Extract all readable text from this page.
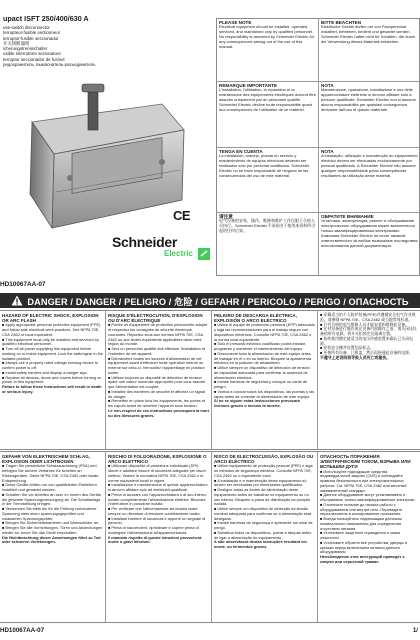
upact ISFT 250/400/630 A
use-switch disconnector
terrupteur-fusible sectionneur
terruptor-fusible seccionador
开关熔断器组
icherungstrennschalter
usible interruttore sezionatore
terruptor seccionador de fusível
редохранитель, выключатель-разъединитель
PLEASE NOTE
Electrical equipment should be installed, operated, serviced, and maintained only by qualified personnel. No responsibility is assumed by Schneider Electric for any consequences arising out of the use of this manual.
BITTE BEACHTEN
Elektrische Geräte dürfen nur von Fachpersonal installiert, betrieben, bedient und gewartet werden. Schneider Electric haftet nicht für Schäden, die durch die Verwendung dieses Materials entstehen.
REMARQUE IMPORTANTE
L'installation, l'utilisation, la réparation et la maintenance des équipements électriques doivent être assurés uniquement par du personnel qualifié. Schneider Electric décline toute responsabilité quant aux conséquences de l'utilisation de ce matériel.
NOTA
Manutenzione, riparazione, installazione e uso delle apparecchiature elettriche si devono affidare solo a persone qualificate. Schneider Electric non si assume alcuna responsabilità per qualsiasi conseguenza derivante dall'uso di questo materiale.
TENGA EN CUENTA
La instalación, manejo, puesta en servicio y mantenimiento de equipos eléctricos deberán ser realizados sólo por personal cualificado. Schneider Electric no se hace responsable de ninguna de las consecuencias del uso de este material.
NOTA
A instalação, utilização e manutenção do equipamento eléctrico devem ser efectuadas exclusivamente por pessoal qualificado. A Schneider Electric não assume qualquer responsabilidade pelas consequências resultantes da utilização deste material.
请注意
电气设备的安装、操作、维修和维护工作仅限于合格人员执行。Schneider Electric不承担由于使用本资料所引起的任何后果。
ОБРАТИТЕ ВНИМАНИЕ
Установка, эксплуатация, ремонт и обслуживание электрического оборудования может выполняться только квалифицированным электриками. Компания Schneider Electric не несет никакой ответственности за любые возможные последствия использования данной документации.
CE
Schneider
Electric
HD10067AA-07
DANGER / DANGER / PELIGRO / 危险 / GEFAHR / PERICOLO / PERIGO / ОПАСНОСТЬ
HAZARD OF ELECTRIC SHOCK, EXPLOSION OR ARC FLASH
■ Apply appropriate personal protective equipment (PPE) and follow safe electrical work practices. See NFPA 70E, CSA Z462 or local equivalent.
■ This equipment must only be installed and serviced by qualified electrical personnel.
■ Turn off all power supplying this equipment before working on or inside equipment. Lock the switchgear in the isolated position.
■ Always use a properly rated voltage sensing device to confirm power is off.
■ Install safety barriers and display a danger sign.
■ Replace all devices, doors and covers before turning on power to this equipment.
Failure to follow these instructions will result in death or serious injury.
RISQUE D'ÉLECTROCUTION, D'EXPLOSION OU D'ARC ÉLECTRIQUE
■ Portez un équipement de protection personnelle adapté et respectez les consignes de sécurité électrique courantes. Reportez-vous aux normes NFPA 70E, CSA Z462 ou aux textes équivalents applicables dans votre région du monde.
■ Seul un personnel qualifié doit effectuer l'installation et l'entretien de cet appareil.
■ Débranchez toutes les sources d'alimentation de cet équipement avant d'effectuer toute opération interne ou externe sur celui-ci. Verrouillez l'appareillage en position isolée.
■ Utilisez toujours un dispositif de détection de tension ayant une valeur nominale appropriée pour vous assurer que l'alimentation est coupée.
■ Installez des barrières de sécurité et affichez un signal de danger.
■ Remettez en place tous les équipements, les portes et les capots avant de remettre l'appareil sous tension.
Le non-respect de ces instructions provoquera la mort ou des blessures graves.
PELIGRO DE DESCARGA ELÉCTRICA, EXPLOSIÓN O ARCO ELÉCTRICO
■ Utilice el equipo de protección personal (EPP) adecuado y siga las recomendaciones para el trabajo seguro con dispositivos eléctricos. Consulte NFPA 70E, CSA Z462 o la norma local equivalente.
■ Sólo el personal eléctrico cualificado podrá instalar, programar y mantener el mantenimiento del equipo.
■ Desconecte toda la alimentación de este equipo antes de trabajar en él o en su interior. Bloquee la aparamenta eléctrica en la posición de aislamiento.
■ Utilice siempre un dispositivo de detección de tensión de capacidad adecuada para confirmar la ausencia de alimentación eléctrica.
■ Instale barreras de seguridad y coloque un cartel de peligro.
■ Vuelva a colocar todos los dispositivos, las puertas y las tapas antes de conectar la alimentación de este equipo.
Si no se siguen estas instrucciones provocará lesiones graves o incluso la muerte.
■ 穿戴适当的个人防护装备(PPE)并遵循安全电气作业规范。请参阅 NFPA 70E、CSA Z462 或当地等效标准。
■ 只有合格的电气维修人员才能安装和维修此设备。
■ 在对设备进行操作或在设备内部操作之前，请关闭该设备的所有电源。将开关柜锁定在隔离位置。
■ 始终使用额定值适当的电压传感装置来确认已关闭电源。
■ 安装安全栅并设置危险标志。
■ 更换所有设备、门和盖，然后再接通此设备的电源。
不遵守上述说明将导致人员死亡或重伤。
GEFAHR VON ELEKTRISCHEM SCHLAG, EXPLOSION ODER LICHTBOGEN
■ Tragen Sie persönliche Schutzausrüstung (PSA) und befolgen Sie sichere Verfahren für Arbeiten an Elektrogeräten. Siehe NFPA 70E, CSA Z462 oder lokale Entsprechung.
■ Diese Geräte dürfen nur von qualifizierten Elektrikern installiert und gewartet werden.
■ Schalten Sie vor Arbeiten an bzw. im Innern des Geräts die gesamte Spannungsversorgung ab. Die Schaltanlage in der Trennstellung bringen.
■ Verwenden Sie stets ein für die Prüfung vorhandener Spannung stets einen spannungsgeprüften und zulassenen Spannungsprüfer.
■ Bringen Sie Sicherheitsbarrieren und Warnschilder an.
■ Bringen Sie alle Vorrichtungen, Türen und Abdeckungen wieder an, bevor Sie das Gerät einschalten.
Die Nichtbeachtung dieser Anweisungen führt zu Tod oder schweren Verletzungen.
RISCHIO DI FOLGORAZIONE, ESPLOSIONE O ARCO ELETTRICO
■ Utilizzare dispositivi di protezione individuale (DPI) idonei e adottare misure di sicurezza adeguate per lavori elettrici. Vedere la normativa NFPA 70E, CSA Z462 o le norme equivalenti locali in vigore.
■ Installazione e manutenzione di queste apparecchiature si devono affidare solo ad elettricisti qualificati.
■ Prima di lavorare con l'apparecchiatura o al suo interno isolare completamente l'alimentazione elettrica. Bloccare l'interruttore in posizione isolata.
■ Per verificare che l'alimentazione sia isolata usare sempre un rilevatore di tensione correttamente tarato.
■ Installare barriere di sicurezza e apporre un segnale di pericolo.
■ Prima di riaccendere, ripristinare e coprire prima di ricollegare l'alimentazione all'apparecchiatura.
Il mancato rispetto di queste istruzioni provocherà morte o gravi infortuni.
RISCO DE ELECTROCUSSÃO, EXPLOSÃO OU ARCO ELÉCTRICO
■ Utilize equipamento de protecção pessoal (PPE) e siga os métodos de segurança eléctrica. Consulte NFPA 70E, CSA Z462 ou o equivalente local.
■ A instalação e a manutenção deste equipamento só devem ser efectuadas por electricistas qualificados.
■ Desligue todas as fontes de alimentação deste equipamento antes de trabalhar no equipamento ou no seu interior. Bloqueie a placa de distribuição na posição isolada.
■ Utilize sempre um dispositivo de detecção da tensão nominal adequada para confirmar se a alimentação está desligada.
■ Instale barreiras de segurança e apresente um sinal de perigo.
■ Substitua todos os dispositivos, portas e tampas antes de ligar a alimentação do equipamento.
A não observância destas instruções resultará em morte, ou ferimentos graves.
ОПАСНОСТЬ ПОРАЖЕНИЯ ЭЛЕКТРИЧЕСКИМ ТОКОМ, ВЗРЫВА ИЛИ ВСПЫШКИ ДУГИ
■ Используйте подходящие средства индивидуальной защиты (СИЗ) и соблюдайте правила безопасности при электромонтажных работах. См. NFPA 70E, CSA Z462 или местный эквивалентный стандарт.
■ Данное оборудование могут устанавливать и обслуживать только квалифицированные электрики.
■ Отключите питание до начала работы с оборудованием или внутри него. Переведите переключатель в изолированное положение.
■ Всегда пользуйтесь надлежащим датчиком номинального напряжения для определения отсутствия питания.
■ Установите защитные ограждения и знаки опасности.
■ Установите обратно все устройства, дверцы и крышки перед включением питания данного оборудования.
Несоблюдение этих инструкций приведёт к смерти или серьезной травме.
HD10067AA-07	1/
